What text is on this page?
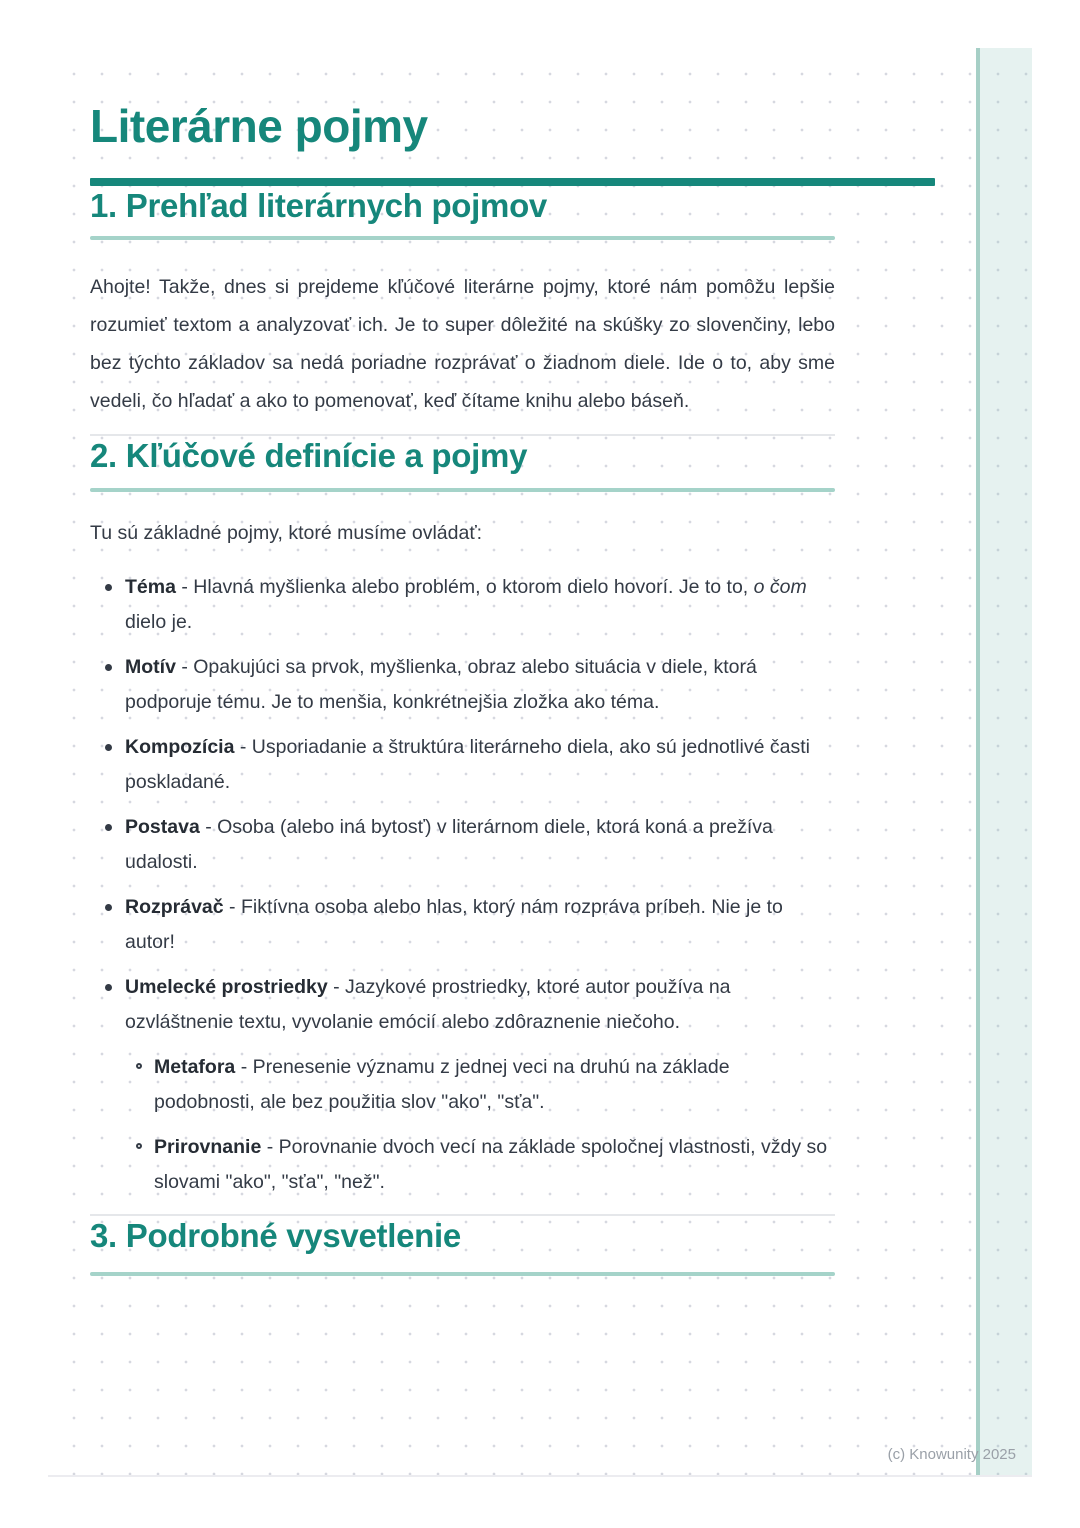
Literárne pojmy
1. Prehľad literárnych pojmov

Ahojte! Takže, dnes si prejdeme kľúčové literárne pojmy, ktoré nám pomôžu lepšie rozumieť textom a analyzovať ich. Je to super dôležité na skúšky zo slovenčiny, lebo bez týchto základov sa nedá poriadne rozprávať o žiadnom diele. Ide o to, aby sme vedeli, čo hľadať a ako to pomenovať, keď čítame knihu alebo báseň.

2. Kľúčové definície a pojmy

Tu sú základné pojmy, ktoré musíme ovládať:

Téma - Hlavná myšlienka alebo problém, o ktorom dielo hovorí. Je to to, o čom dielo je.
Motív - Opakujúci sa prvok, myšlienka, obraz alebo situácia v diele, ktorá podporuje tému. Je to menšia, konkrétnejšia zložka ako téma.
Kompozícia - Usporiadanie a štruktúra literárneho diela, ako sú jednotlivé časti poskladané.
Postava - Osoba (alebo iná bytosť) v literárnom diele, ktorá koná a prežíva udalosti.
Rozprávač - Fiktívna osoba alebo hlas, ktorý nám rozpráva príbeh. Nie je to autor!
Umelecké prostriedky - Jazykové prostriedky, ktoré autor používa na ozvláštnenie textu, vyvolanie emócií alebo zdôraznenie niečoho.
Metafora - Prenesenie významu z jednej veci na druhú na základe podobnosti, ale bez použitia slov "ako", "sťa".
Prirovnanie - Porovnanie dvoch vecí na základe spoločnej vlastnosti, vždy so slovami "ako", "sťa", "než".
3. Podrobné vysvetlenie
(c) Knowunity 2025
